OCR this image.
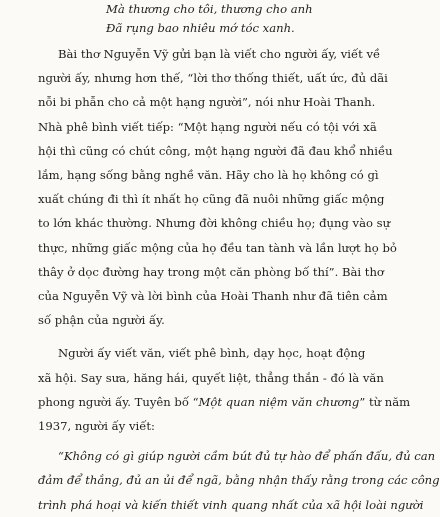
Mà thương cho tôi, thương cho anh
Đã rụng bao nhiêu mớ tóc xanh.

Bài thơ Nguyễn Vỹ gửi bạn là viết cho người ấy, viết về
người ấy, nhưng hơn thế, “lời thơ thống thiết, uất ức, đủ dãi
nỗi bi phẫn cho cả một hạng người”, nói như Hoài Thanh.
Nhà phê bình viết tiếp: “Một hạng người nếu có tội với xã
hội thì cũng có chút công, một hạng người đã đau khổ nhiều
lắm, hạng sống bằng nghề văn. Hãy cho là họ không có gì
xuất chúng đi thì ít nhất họ cũng đã nuôi những giấc mộng
to lớn khác thường. Nhưng đời không chiều họ; đụng vào sự
thực, những giấc mộng của họ đều tan tành và lần lượt họ bỏ
thây ở dọc đường hay trong một căn phòng bố thí”. Bài thơ
của Nguyễn Vỹ và lời bình của Hoài Thanh như đã tiên cảm
số phận của người ấy.

Người ấy viết văn, viết phê bình, dạy học, hoạt động
xã hội. Say sưa, hăng hái, quyết liệt, thẳng thắn - đó là văn
phong người ấy. Tuyên bố “Một quan niệm văn chương” từ năm
1937, người ấy viết:

“Không có gì giúp người cầm bút đủ tự hào để phấn đấu, đủ can
đảm để thắng, đủ an ủi để ngã, bằng nhận thấy rằng trong các công
trình phá hoại và kiến thiết vinh quang nhất của xã hội loài người
